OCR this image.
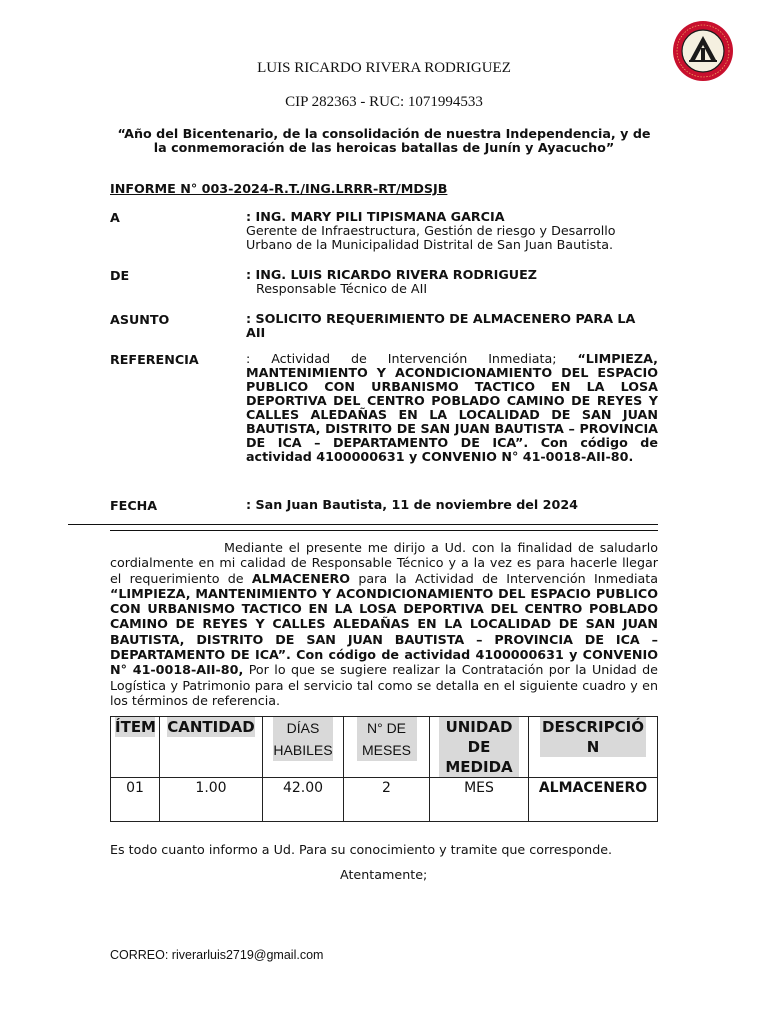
LUIS RICARDO RIVERA RODRIGUEZ
CIP 282363 - RUC: 1071994533
“Año del Bicentenario, de la consolidación de nuestra Independencia, y de
la conmemoración de las heroicas batallas de Junín y Ayacucho”
INFORME N° 003-2024-R.T./ING.LRRR-RT/MDSJB
A	: ING. MARY PILI TIPISMANA GARCIA
Gerente de Infraestructura, Gestión de riesgo y Desarrollo
Urbano de la Municipalidad Distrital de San Juan Bautista.
DE	: ING. LUIS RICARDO RIVERA RODRIGUEZ
Responsable Técnico de AII
ASUNTO	: SOLICITO REQUERIMIENTO DE ALMACENERO PARA LA AII
REFERENCIA	: Actividad de Intervención Inmediata; “LIMPIEZA, MANTENIMIENTO Y ACONDICIONAMIENTO DEL ESPACIO PUBLICO CON URBANISMO TACTICO EN LA LOSA DEPORTIVA DEL CENTRO POBLADO CAMINO DE REYES Y CALLES ALEDAÑAS EN LA LOCALIDAD DE SAN JUAN BAUTISTA, DISTRITO DE SAN JUAN BAUTISTA – PROVINCIA DE ICA – DEPARTAMENTO DE ICA”. Con código de actividad 4100000631 y CONVENIO N° 41-0018-AII-80.
FECHA	: San Juan Bautista, 11 de noviembre del 2024
Mediante el presente me dirijo a Ud. con la finalidad de saludarlo cordialmente en mi calidad de Responsable Técnico y a la vez es para hacerle llegar el requerimiento de ALMACENERO para la Actividad de Intervención Inmediata “LIMPIEZA, MANTENIMIENTO Y ACONDICIONAMIENTO DEL ESPACIO PUBLICO CON URBANISMO TACTICO EN LA LOSA DEPORTIVA DEL CENTRO POBLADO CAMINO DE REYES Y CALLES ALEDAÑAS EN LA LOCALIDAD DE SAN JUAN BAUTISTA, DISTRITO DE SAN JUAN BAUTISTA – PROVINCIA DE ICA – DEPARTAMENTO DE ICA”. Con código de actividad 4100000631 y CONVENIO N° 41-0018-AII-80, Por lo que se sugiere realizar la Contratación por la Unidad de Logística y Patrimonio para el servicio tal como se detalla en el siguiente cuadro y en los términos de referencia.
ÍTEM	CANTIDAD	DÍAS HABILES	N° DE MESES	UNIDAD DE MEDIDA	DESCRIPCIÓN
01	1.00	42.00	2	MES	ALMACENERO
Es todo cuanto informo a Ud. Para su conocimiento y tramite que corresponde.
Atentamente;
CORREO: riverarluis2719@gmail.com
